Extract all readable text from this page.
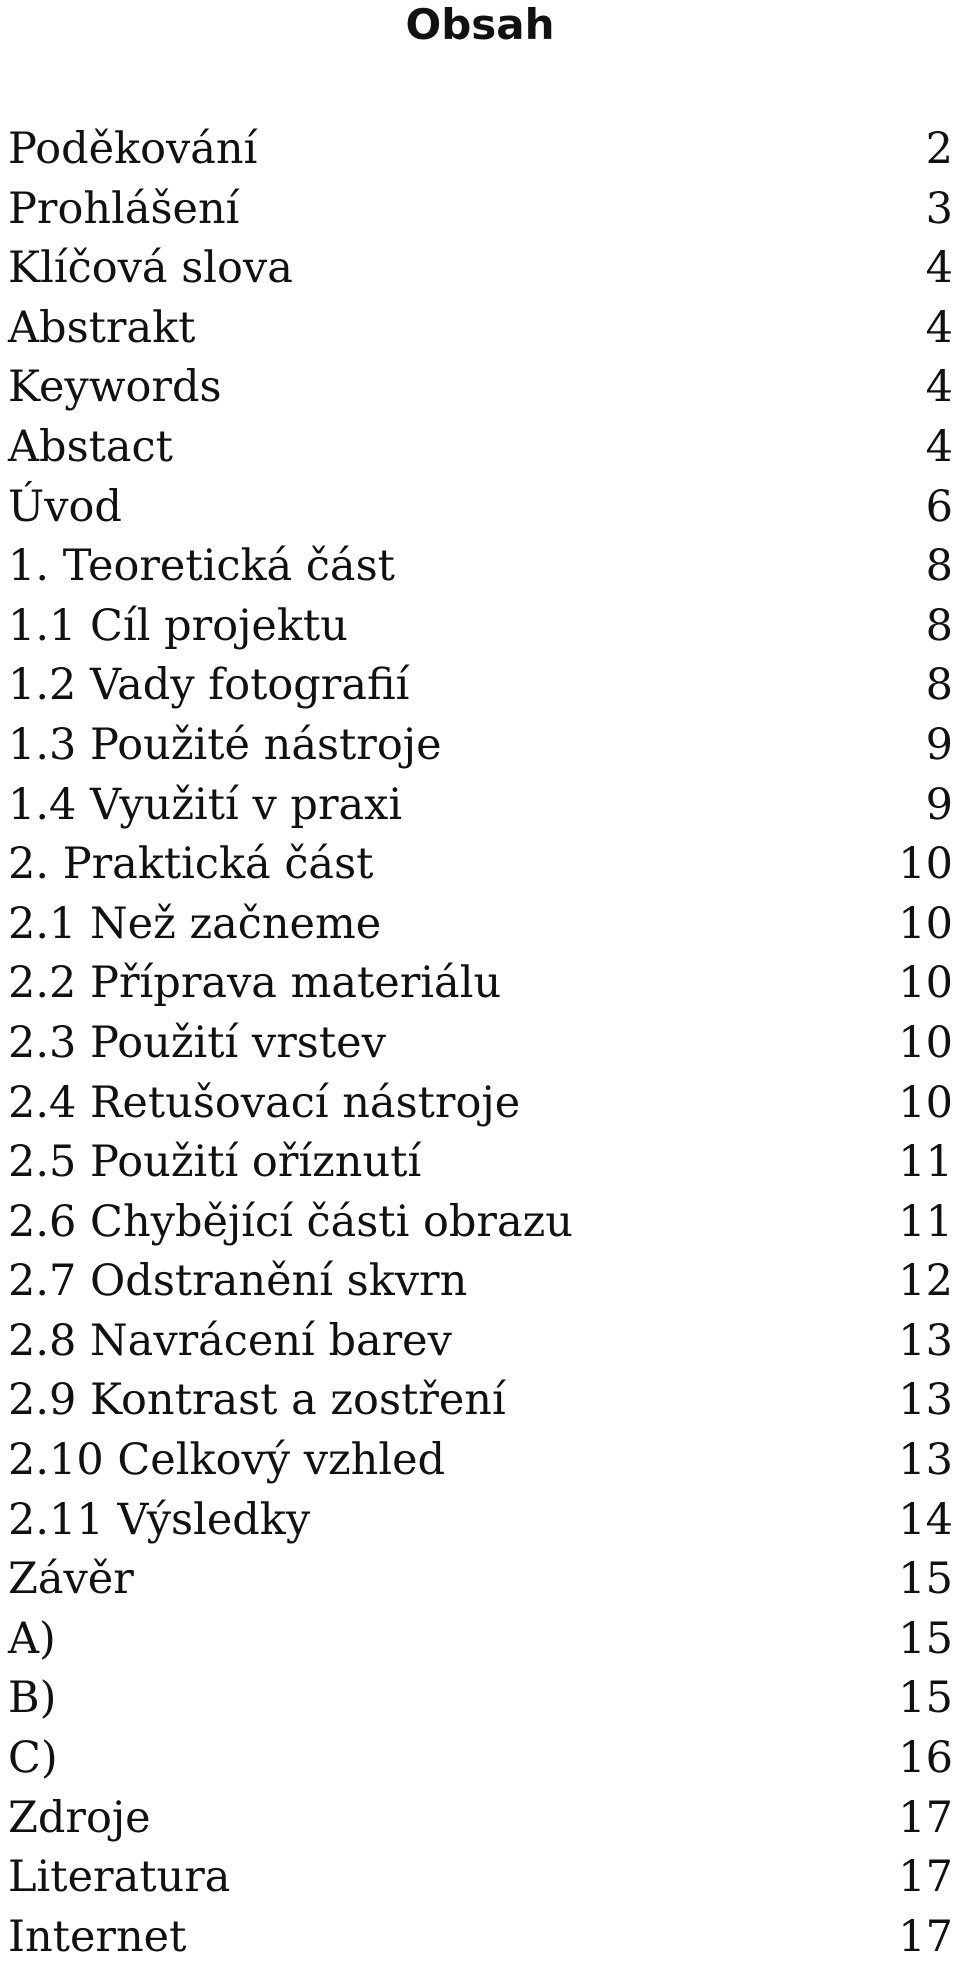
Obsah
Poděkování	2
Prohlášení	3
Klíčová slova	4
Abstrakt	4
Keywords	4
Abstact	4
Úvod	6
1. Teoretická část	8
1.1 Cíl projektu	8
1.2 Vady fotografií	8
1.3 Použité nástroje	9
1.4 Využití v praxi	9
2. Praktická část	10
2.1 Než začneme	10
2.2 Příprava materiálu	10
2.3 Použití vrstev	10
2.4 Retušovací nástroje	10
2.5 Použití oříznutí	11
2.6 Chybějící části obrazu	11
2.7 Odstranění skvrn	12
2.8 Navrácení barev	13
2.9 Kontrast a zostření	13
2.10 Celkový vzhled	13
2.11 Výsledky	14
Závěr	15
A)	15
B)	15
C)	16
Zdroje	17
Literatura	17
Internet	17
